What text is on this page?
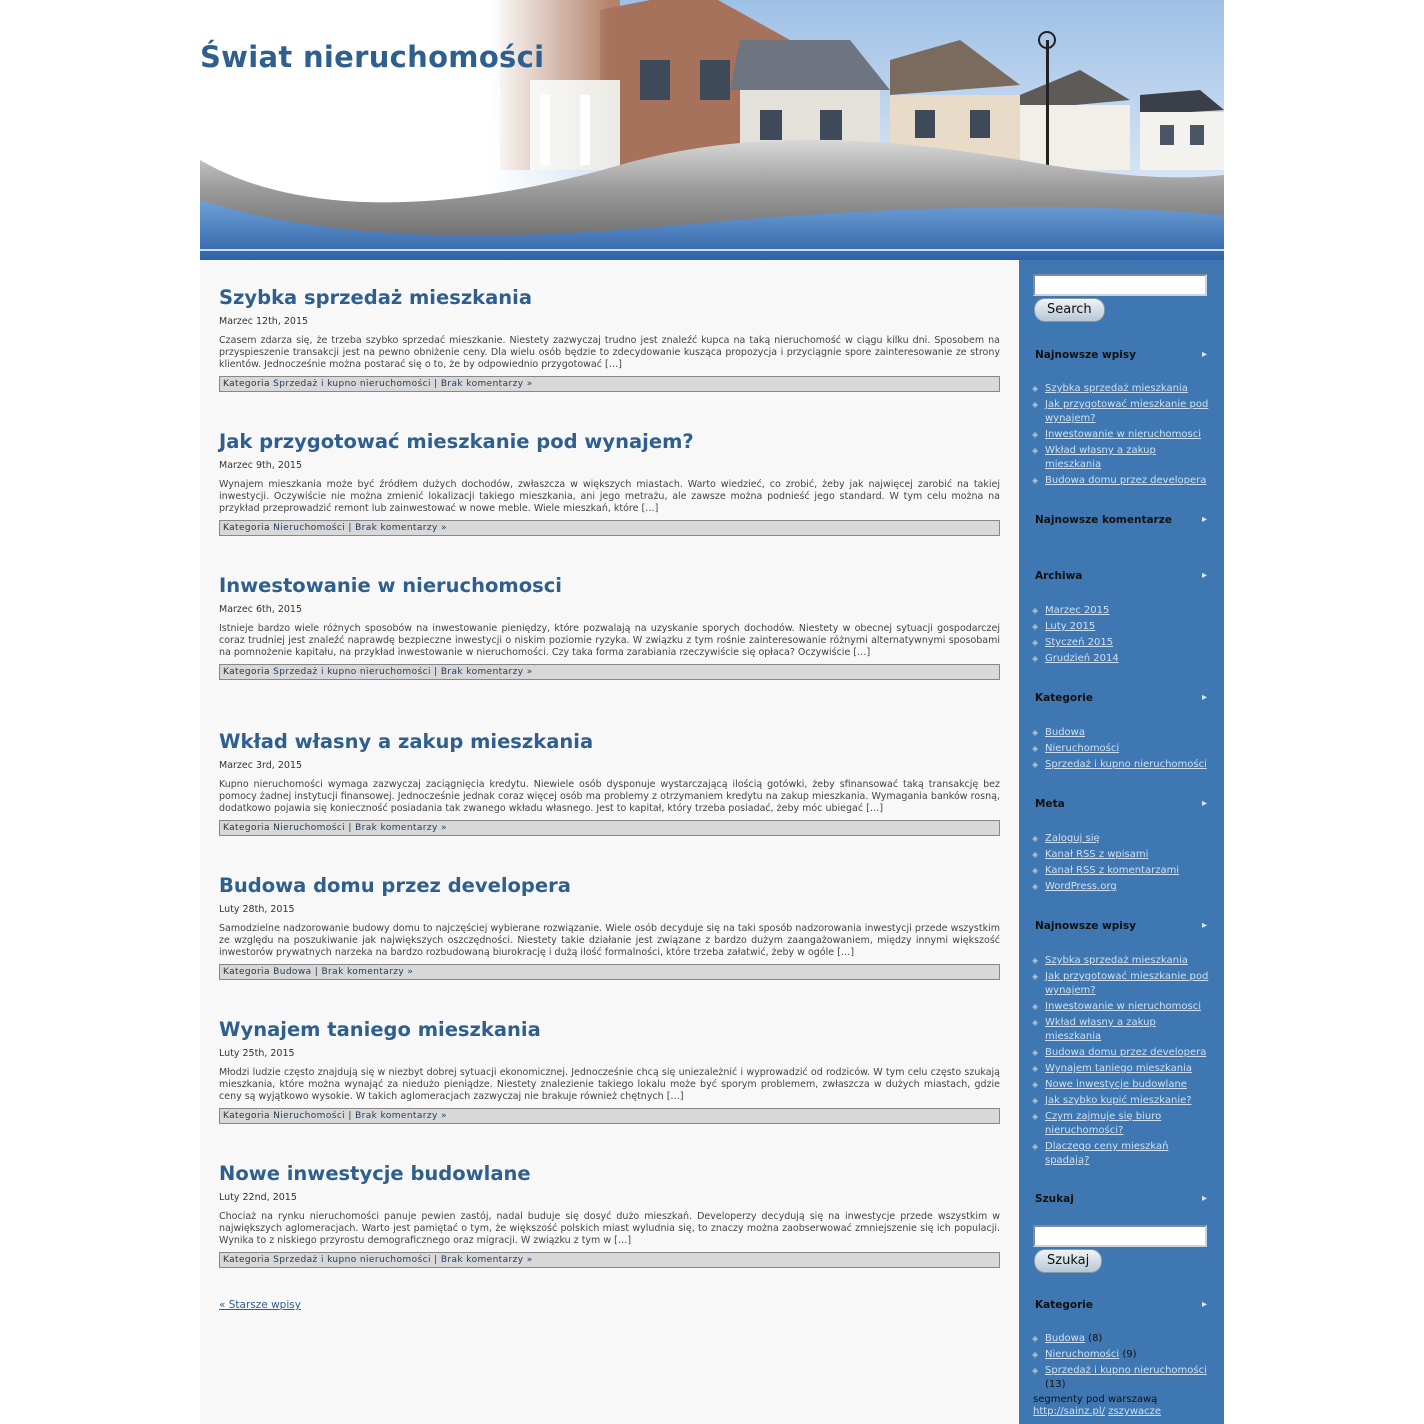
Świat nieruchomości
Szybka sprzedaż mieszkania
Marzec 12th, 2015
Czasem zdarza się, że trzeba szybko sprzedać mieszkanie. Niestety zazwyczaj trudno jest znaleźć kupca na taką nieruchomość w ciągu kilku dni. Sposobem na przyspieszenie transakcji jest na pewno obniżenie ceny. Dla wielu osób będzie to zdecydowanie kusząca propozycja i przyciągnie spore zainteresowanie ze strony klientów. Jednocześnie można postarać się o to, że by odpowiednio przygotować […]
Kategoria Sprzedaż i kupno nieruchomości | Brak komentarzy »
Jak przygotować mieszkanie pod wynajem?
Marzec 9th, 2015
Wynajem mieszkania może być źródłem dużych dochodów, zwłaszcza w większych miastach. Warto wiedzieć, co zrobić, żeby jak najwięcej zarobić na takiej inwestycji. Oczywiście nie można zmienić lokalizacji takiego mieszkania, ani jego metrażu, ale zawsze można podnieść jego standard. W tym celu można na przykład przeprowadzić remont lub zainwestować w nowe meble. Wiele mieszkań, które […]
Kategoria Nieruchomości | Brak komentarzy »
Inwestowanie w nieruchomosci
Marzec 6th, 2015
Istnieje bardzo wiele różnych sposobów na inwestowanie pieniędzy, które pozwalają na uzyskanie sporych dochodów. Niestety w obecnej sytuacji gospodarczej coraz trudniej jest znaleźć naprawdę bezpieczne inwestycji o niskim poziomie ryzyka. W związku z tym rośnie zainteresowanie różnymi alternatywnymi sposobami na pomnożenie kapitału, na przykład inwestowanie w nieruchomości. Czy taka forma zarabiania rzeczywiście się opłaca? Oczywiście […]
Kategoria Sprzedaż i kupno nieruchomości | Brak komentarzy »
Wkład własny a zakup mieszkania
Marzec 3rd, 2015
Kupno nieruchomości wymaga zazwyczaj zaciągnięcia kredytu. Niewiele osób dysponuje wystarczającą ilością gotówki, żeby sfinansować taką transakcję bez pomocy żadnej instytucji finansowej. Jednocześnie jednak coraz więcej osób ma problemy z otrzymaniem kredytu na zakup mieszkania. Wymagania banków rosną, dodatkowo pojawia się konieczność posiadania tak zwanego wkładu własnego. Jest to kapitał, który trzeba posiadać, żeby móc ubiegać […]
Kategoria Nieruchomości | Brak komentarzy »
Budowa domu przez developera
Luty 28th, 2015
Samodzielne nadzorowanie budowy domu to najczęściej wybierane rozwiązanie. Wiele osób decyduje się na taki sposób nadzorowania inwestycji przede wszystkim ze względu na poszukiwanie jak największych oszczędności. Niestety takie działanie jest związane z bardzo dużym zaangażowaniem, między innymi większość inwestorów prywatnych narzeka na bardzo rozbudowaną biurokrację i dużą ilość formalności, które trzeba załatwić, żeby w ogóle […]
Kategoria Budowa | Brak komentarzy »
Wynajem taniego mieszkania
Luty 25th, 2015
Młodzi ludzie często znajdują się w niezbyt dobrej sytuacji ekonomicznej. Jednocześnie chcą się uniezależnić i wyprowadzić od rodziców. W tym celu często szukają mieszkania, które można wynająć za niedużo pieniądze. Niestety znalezienie takiego lokalu może być sporym problemem, zwłaszcza w dużych miastach, gdzie ceny są wyjątkowo wysokie. W takich aglomeracjach zazwyczaj nie brakuje również chętnych […]
Kategoria Nieruchomości | Brak komentarzy »
Nowe inwestycje budowlane
Luty 22nd, 2015
Chociaż na rynku nieruchomości panuje pewien zastój, nadal buduje się dosyć dużo mieszkań. Developerzy decydują się na inwestycje przede wszystkim w największych aglomeracjach. Warto jest pamiętać o tym, że większość polskich miast wyludnia się, to znaczy można zaobserwować zmniejszenie się ich populacji. Wynika to z niskiego przyrostu demograficznego oraz migracji. W związku z tym w […]
Kategoria Sprzedaż i kupno nieruchomości | Brak komentarzy »
« Starsze wpisy
Search
Najnowsze wpisy	▸
◈ Szybka sprzedaż mieszkania
◈ Jak przygotować mieszkanie pod wynajem?
◈ Inwestowanie w nieruchomosci
◈ Wkład własny a zakup mieszkania
◈ Budowa domu przez developera
Najnowsze komentarze	▸
Archiwa	▸
◈ Marzec 2015
◈ Luty 2015
◈ Styczeń 2015
◈ Grudzień 2014
Kategorie	▸
◈ Budowa
◈ Nieruchomości
◈ Sprzedaż i kupno nieruchomości
Meta	▸
◈ Zaloguj się
◈ Kanał RSS z wpisami
◈ Kanał RSS z komentarzami
◈ WordPress.org
Najnowsze wpisy	▸
◈ Szybka sprzedaż mieszkania
◈ Jak przygotować mieszkanie pod wynajem?
◈ Inwestowanie w nieruchomosci
◈ Wkład własny a zakup mieszkania
◈ Budowa domu przez developera
◈ Wynajem taniego mieszkania
◈ Nowe inwestycje budowlane
◈ Jak szybko kupić mieszkanie?
◈ Czym zajmuje się biuro nieruchomości?
◈ Dlaczego ceny mieszkań spadają?
Szukaj	▸
Szukaj
Kategorie	▸
◈ Budowa (8)
◈ Nieruchomości (9)
◈ Sprzedaż i kupno nieruchomości (13)
segmenty pod warszawą
http://sainz.pl/ zszywacze
